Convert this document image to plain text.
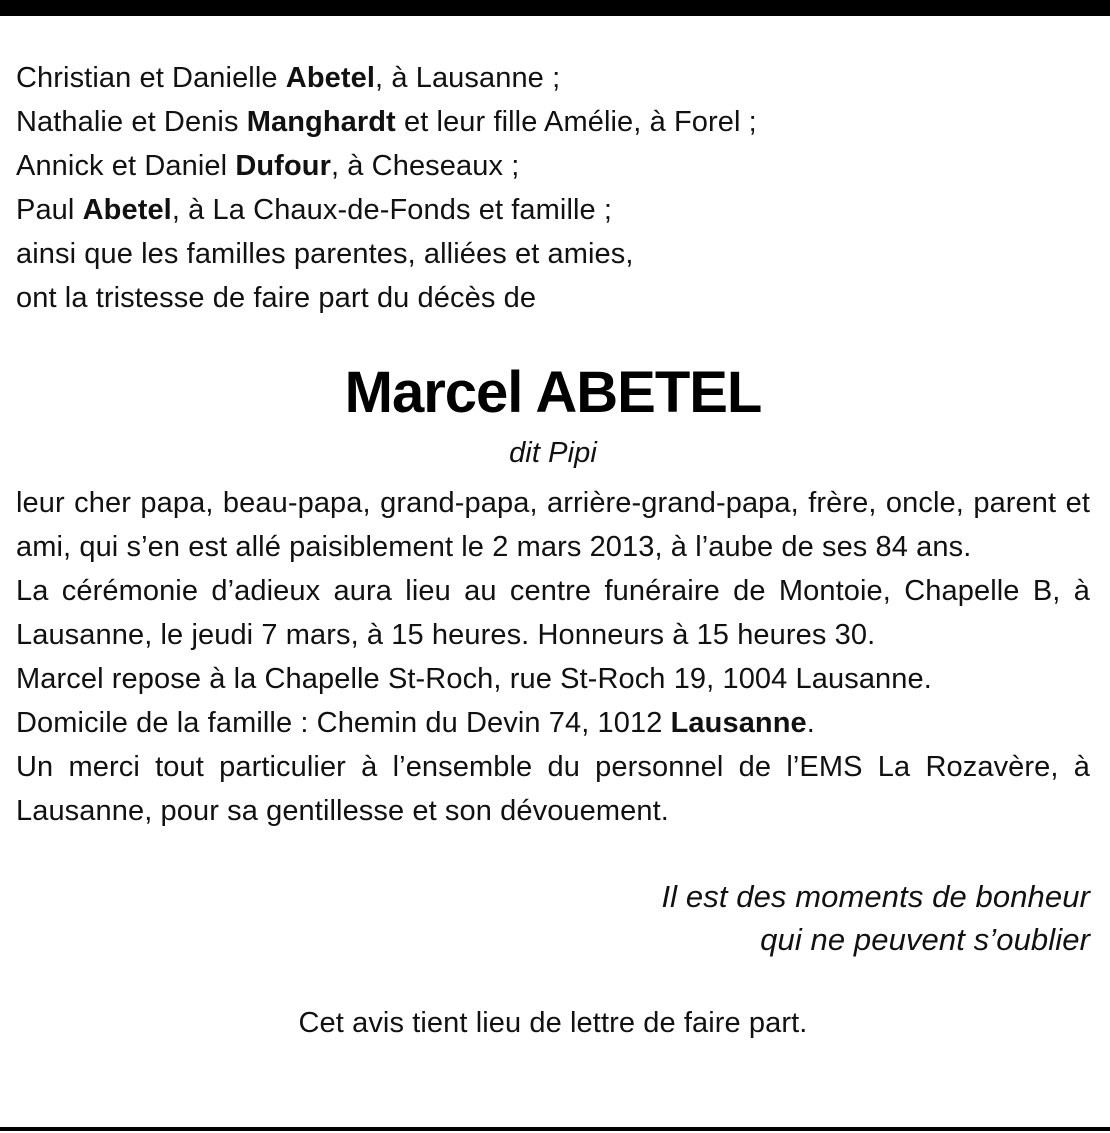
Christian et Danielle Abetel, à Lausanne ;
Nathalie et Denis Manghardt et leur fille Amélie, à Forel ;
Annick et Daniel Dufour, à Cheseaux ;
Paul Abetel, à La Chaux-de-Fonds et famille ;
ainsi que les familles parentes, alliées et amies,
ont la tristesse de faire part du décès de
Marcel ABETEL
dit Pipi
leur cher papa, beau-papa, grand-papa, arrière-grand-papa, frère, oncle, parent et ami, qui s’en est allé paisiblement le 2 mars 2013, à l’aube de ses 84 ans.
La cérémonie d’adieux aura lieu au centre funéraire de Montoie, Chapelle B, à Lausanne, le jeudi 7 mars, à 15 heures. Honneurs à 15 heures 30.
Marcel repose à la Chapelle St-Roch, rue St-Roch 19, 1004 Lausanne.
Domicile de la famille : Chemin du Devin 74, 1012 Lausanne.
Un merci tout particulier à l’ensemble du personnel de l’EMS La Rozavère, à Lausanne, pour sa gentillesse et son dévouement.
Il est des moments de bonheur
qui ne peuvent s’oublier
Cet avis tient lieu de lettre de faire part.
